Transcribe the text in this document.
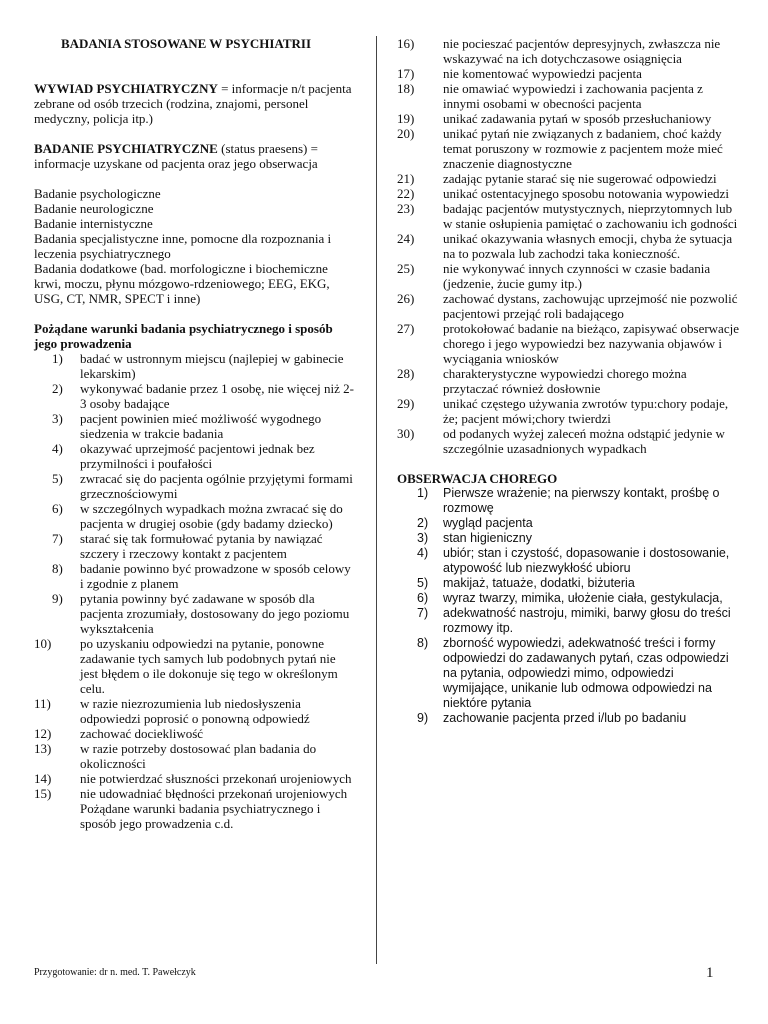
BADANIA STOSOWANE W PSYCHIATRII
WYWIAD PSYCHIATRYCZNY = informacje n/t pacjenta zebrane od osób trzecich (rodzina, znajomi, personel medyczny, policja itp.)
BADANIE PSYCHIATRYCZNE (status praesens) = informacje uzyskane od pacjenta oraz jego obserwacja
Badanie psychologiczne
Badanie neurologiczne
Badanie internistyczne
Badania specjalistyczne inne, pomocne dla rozpoznania i leczenia psychiatrycznego
Badania dodatkowe (bad. morfologiczne i biochemiczne krwi, moczu, płynu mózgowo-rdzeniowego; EEG, EKG, USG, CT, NMR, SPECT i inne)
Pożądane warunki badania psychiatrycznego i sposób jego prowadzenia
1)	badać w ustronnym miejscu (najlepiej w gabinecie lekarskim)
2)	wykonywać badanie przez 1 osobę, nie więcej niż 2-3 osoby badające
3)	pacjent powinien mieć możliwość wygodnego siedzenia w trakcie badania
4)	okazywać uprzejmość pacjentowi jednak bez przymilności i poufałości
5)	zwracać się do pacjenta ogólnie przyjętymi formami grzecznościowymi
6)	w szczególnych wypadkach można zwracać się do pacjenta w drugiej osobie (gdy badamy dziecko)
7)	starać się tak formułować pytania by nawiązać szczery i rzeczowy kontakt z pacjentem
8)	badanie powinno być prowadzone w sposób celowy i zgodnie z planem
9)	pytania powinny być zadawane w sposób dla pacjenta zrozumiały, dostosowany do jego poziomu wykształcenia
10)	po uzyskaniu odpowiedzi na pytanie, ponowne zadawanie tych samych lub podobnych pytań nie jest błędem o ile dokonuje się tego w określonym celu.
11)	w razie niezrozumienia lub niedosłyszenia odpowiedzi poprosić o ponowną odpowiedź
12)	zachować dociekliwość
13)	w razie potrzeby dostosować plan badania do okoliczności
14)	nie potwierdzać słuszności przekonań urojeniowych
15)	nie udowadniać błędności przekonań urojeniowych Pożądane warunki badania psychiatrycznego i sposób jego prowadzenia c.d.
16)	nie pocieszać pacjentów depresyjnych, zwłaszcza nie wskazywać na ich dotychczasowe osiągnięcia
17)	nie komentować wypowiedzi pacjenta
18)	nie omawiać wypowiedzi i zachowania pacjenta z innymi osobami w obecności pacjenta
19)	unikać zadawania pytań w sposób przesłuchaniowy
20)	unikać pytań nie związanych z badaniem, choć każdy temat poruszony w rozmowie z pacjentem może mieć znaczenie diagnostyczne
21)	zadając pytanie starać się nie sugerować odpowiedzi
22)	unikać ostentacyjnego sposobu notowania wypowiedzi
23)	badając pacjentów mutystycznych, nieprzytomnych lub w stanie osłupienia pamiętać o zachowaniu ich godności
24)	unikać okazywania własnych emocji, chyba że sytuacja na to pozwala lub zachodzi taka konieczność.
25)	nie wykonywać innych czynności w czasie badania (jedzenie, żucie gumy itp.)
26)	zachować dystans, zachowując uprzejmość nie pozwolić pacjentowi przejąć roli badającego
27)	protokołować badanie na bieżąco, zapisywać obserwacje chorego i jego wypowiedzi bez nazywania objawów i wyciągania wniosków
28)	charakterystyczne wypowiedzi chorego można przytaczać również dosłownie
29)	unikać częstego używania zwrotów typu:chory podaje, że; pacjent mówi;chory twierdzi
30)	od podanych wyżej zaleceń można odstąpić jedynie w szczególnie uzasadnionych wypadkach
OBSERWACJA CHOREGO
1)	Pierwsze wrażenie; na pierwszy kontakt, prośbę o rozmowę
2)	wygląd pacjenta
3)	stan higieniczny
4)	ubiór; stan i czystość, dopasowanie i dostosowanie, atypowość lub niezwykłość ubioru
5)	makijaż, tatuaże, dodatki, biżuteria
6)	wyraz twarzy, mimika, ułożenie ciała, gestykulacja,
7)	adekwatność nastroju, mimiki, barwy głosu do treści rozmowy itp.
8)	zborność wypowiedzi, adekwatność treści i formy odpowiedzi do zadawanych pytań, czas odpowiedzi na pytania, odpowiedzi mimo, odpowiedzi wymijające, unikanie lub odmowa odpowiedzi na niektóre pytania
9)	zachowanie pacjenta przed i/lub po badaniu
Przygotowanie: dr n. med. T. Pawełczyk	1
